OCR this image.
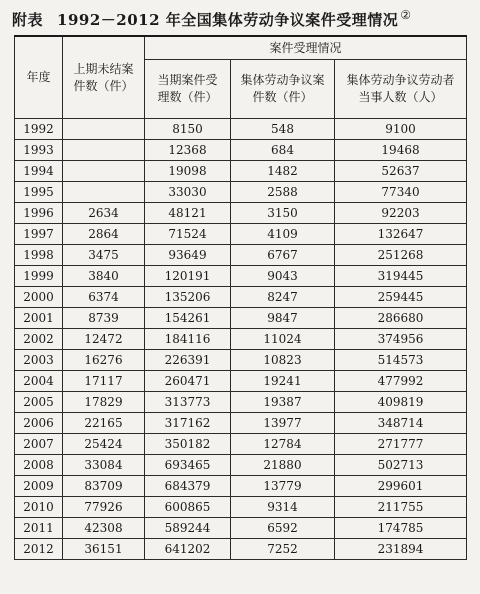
附表 1992－2012 年全国集体劳动争议案件受理情况 ②
年度	上期未结案件数（件）	案件受理情况		
		当期案件受理数（件）	集体劳动争议案件数（件）	集体劳动争议劳动者当事人数（人）
1992		8150	548	9100
1993		12368	684	19468
1994		19098	1482	52637
1995		33030	2588	77340
1996	2634	48121	3150	92203
1997	2864	71524	4109	132647
1998	3475	93649	6767	251268
1999	3840	120191	9043	319445
2000	6374	135206	8247	259445
2001	8739	154261	9847	286680
2002	12472	184116	11024	374956
2003	16276	226391	10823	514573
2004	17117	260471	19241	477992
2005	17829	313773	19387	409819
2006	22165	317162	13977	348714
2007	25424	350182	12784	271777
2008	33084	693465	21880	502713
2009	83709	684379	13779	299601
2010	77926	600865	9314	211755
2011	42308	589244	6592	174785
2012	36151	641202	7252	231894
